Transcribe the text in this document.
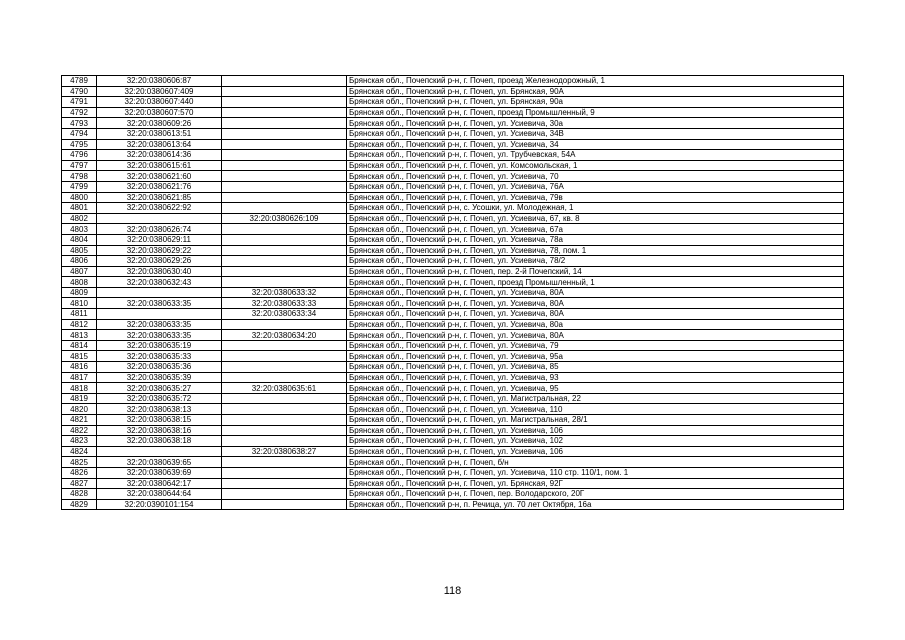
4789	32:20:0380606:87		Брянская обл., Почепский р-н, г. Почеп, проезд Железнодорожный, 1
4790	32:20:0380607:409		Брянская обл., Почепский р-н, г. Почеп, ул. Брянская, 90А
4791	32:20:0380607:440		Брянская обл., Почепский р-н, г. Почеп, ул. Брянская, 90а
4792	32:20:0380607:570		Брянская обл., Почепский р-н, г. Почеп, проезд Промышленный, 9
4793	32:20:0380609:26		Брянская обл., Почепский р-н, г. Почеп, ул. Усиевича, 30а
4794	32:20:0380613:51		Брянская обл., Почепский р-н, г. Почеп, ул. Усиевича, 34В
4795	32:20:0380613:64		Брянская обл., Почепский р-н, г. Почеп, ул. Усиевича, 34
4796	32:20:0380614:36		Брянская обл., Почепский р-н, г. Почеп, ул. Трубчевская, 54А
4797	32:20:0380615:61		Брянская обл., Почепский р-н, г. Почеп, ул. Комсомольская, 1
4798	32:20:0380621:60		Брянская обл., Почепский р-н, г. Почеп, ул. Усиевича, 70
4799	32:20:0380621:76		Брянская обл., Почепский р-н, г. Почеп, ул. Усиевича, 76А
4800	32:20:0380621:85		Брянская обл., Почепский р-н, г. Почеп, ул. Усиевича, 79в
4801	32:20:0380622:92		Брянская обл., Почепский р-н, с. Усошки, ул. Молодежная, 1
4802		32:20:0380626:109	Брянская обл., Почепский р-н, г. Почеп, ул. Усиевича, 67, кв. 8
4803	32:20:0380626:74		Брянская обл., Почепский р-н, г. Почеп, ул. Усиевича, 67а
4804	32:20:0380629:11		Брянская обл., Почепский р-н, г. Почеп, ул. Усиевича, 78а
4805	32:20:0380629:22		Брянская обл., Почепский р-н, г. Почеп, ул. Усиевича, 78, пом. 1
4806	32:20:0380629:26		Брянская обл., Почепский р-н, г. Почеп, ул. Усиевича, 78/2
4807	32:20:0380630:40		Брянская обл., Почепский р-н, г. Почеп, пер. 2-й Почепский, 14
4808	32:20:0380632:43		Брянская обл., Почепский р-н, г. Почеп, проезд Промышленный, 1
4809		32:20:0380633:32	Брянская обл., Почепский р-н, г. Почеп, ул. Усиевича, 80А
4810	32:20:0380633:35	32:20:0380633:33	Брянская обл., Почепский р-н, г. Почеп, ул. Усиевича, 80А
4811		32:20:0380633:34	Брянская обл., Почепский р-н, г. Почеп, ул. Усиевича, 80А
4812	32:20:0380633:35		Брянская обл., Почепский р-н, г. Почеп, ул. Усиевича, 80а
4813	32:20:0380633:35	32:20:0380634:20	Брянская обл., Почепский р-н, г. Почеп, ул. Усиевича, 80А
4814	32:20:0380635:19		Брянская обл., Почепский р-н, г. Почеп, ул. Усиевича, 79
4815	32:20:0380635:33		Брянская обл., Почепский р-н, г. Почеп, ул. Усиевича, 95а
4816	32:20:0380635:36		Брянская обл., Почепский р-н, г. Почеп, ул. Усиевича, 85
4817	32:20:0380635:39		Брянская обл., Почепский р-н, г. Почеп, ул. Усиевича, 93
4818	32:20:0380635:27	32:20:0380635:61	Брянская обл., Почепский р-н, г. Почеп, ул. Усиевича, 95
4819	32:20:0380635:72		Брянская обл., Почепский р-н, г. Почеп, ул. Магистральная, 22
4820	32:20:0380638:13		Брянская обл., Почепский р-н, г. Почеп, ул. Усиевича, 110
4821	32:20:0380638:15		Брянская обл., Почепский р-н, г. Почеп, ул. Магистральная, 28/1
4822	32:20:0380638:16		Брянская обл., Почепский р-н, г. Почеп, ул. Усиевича, 106
4823	32:20:0380638:18		Брянская обл., Почепский р-н, г. Почеп, ул. Усиевича, 102
4824		32:20:0380638:27	Брянская обл., Почепский р-н, г. Почеп, ул. Усиевича, 106
4825	32:20:0380639:65		Брянская обл., Почепский р-н, г. Почеп, б/н
4826	32:20:0380639:69		Брянская обл., Почепский р-н, г. Почеп, ул. Усиевича, 110 стр. 110/1, пом. 1
4827	32:20:0380642:17		Брянская обл., Почепский р-н, г. Почеп, ул. Брянская, 92Г
4828	32:20:0380644:64		Брянская обл., Почепский р-н, г. Почеп, пер. Володарского, 20Г
4829	32:20:0390101:154		Брянская обл., Почепский р-н, п. Речица, ул. 70 лет Октября, 16а
118
